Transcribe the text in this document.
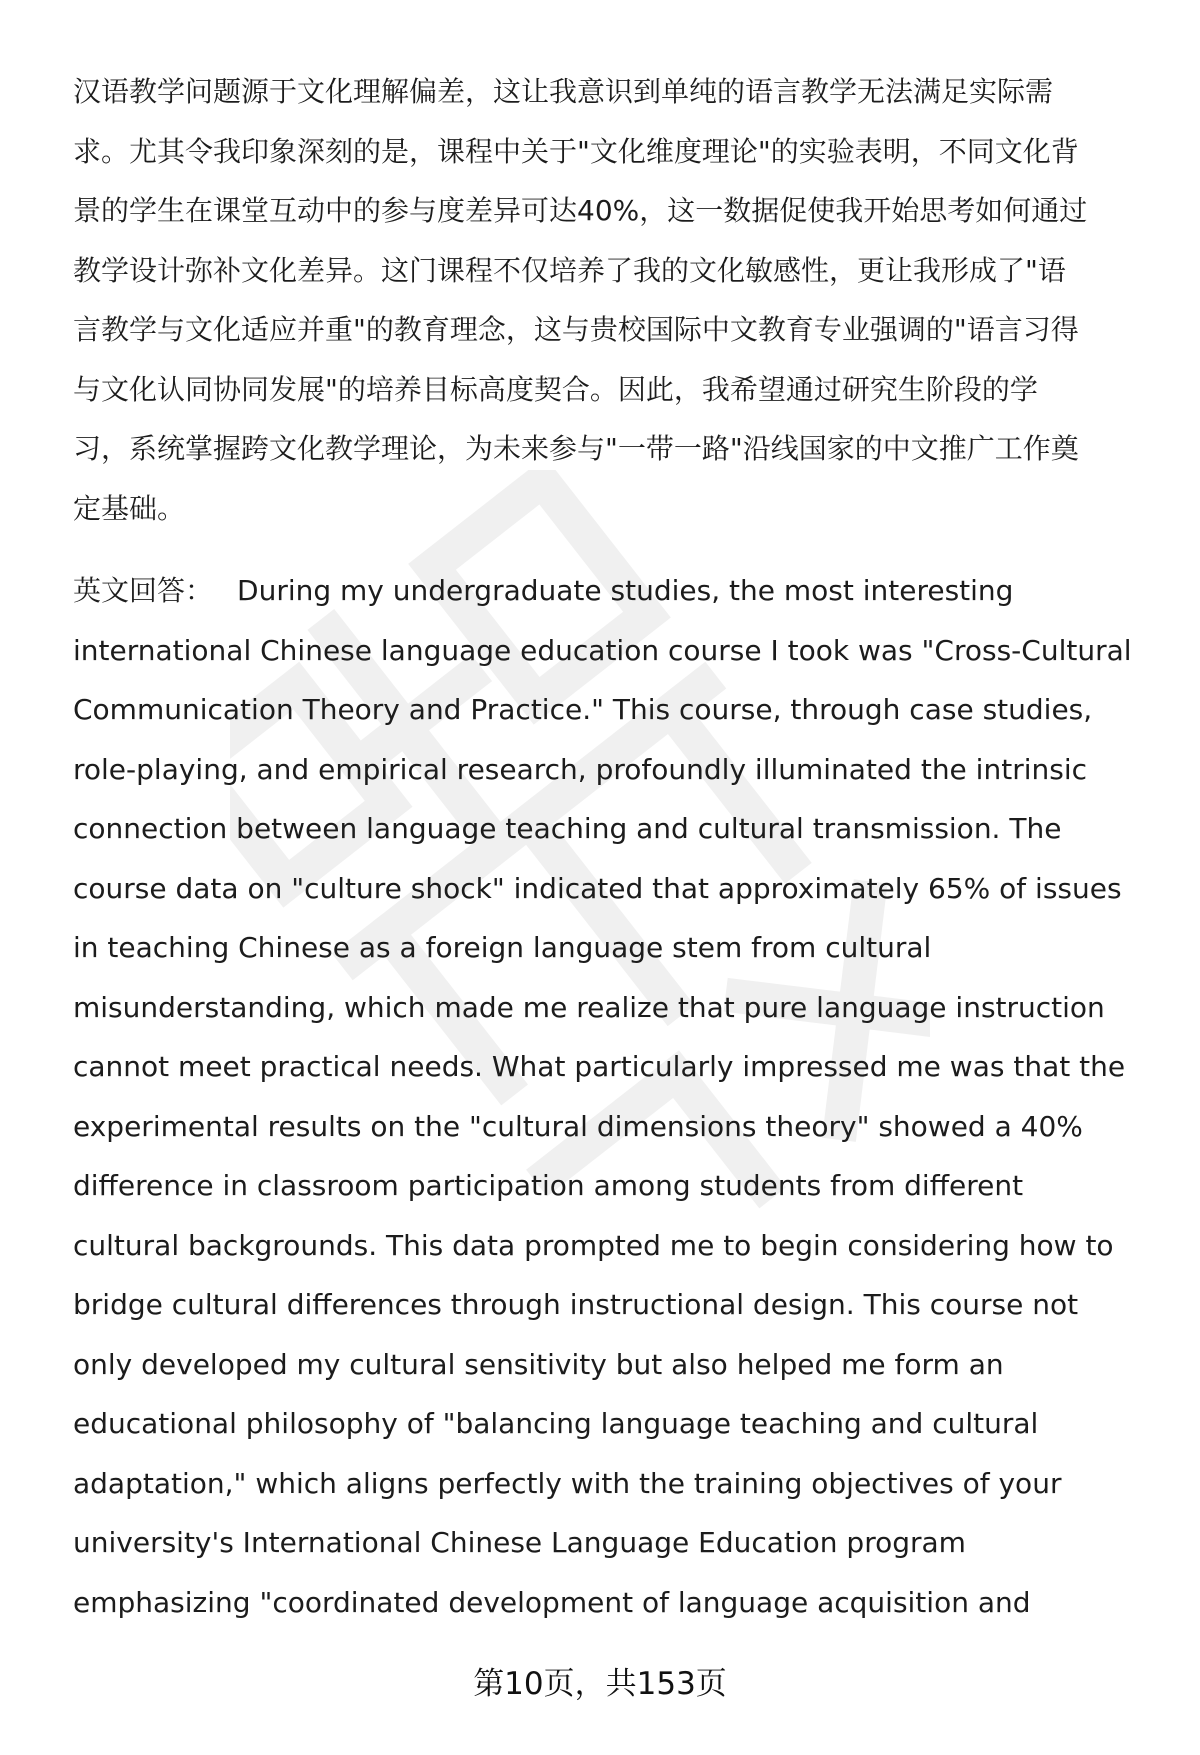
汉语教学问题源于文化理解偏差，这让我意识到单纯的语言教学无法满足实际需
求。尤其令我印象深刻的是，课程中关于"文化维度理论"的实验表明，不同文化背
景的学生在课堂互动中的参与度差异可达40%，这一数据促使我开始思考如何通过
教学设计弥补文化差异。这门课程不仅培养了我的文化敏感性，更让我形成了"语
言教学与文化适应并重"的教育理念，这与贵校国际中文教育专业强调的"语言习得
与文化认同协同发展"的培养目标高度契合。因此，我希望通过研究生阶段的学
习，系统掌握跨文化教学理论，为未来参与"一带一路"沿线国家的中文推广工作奠
定基础。

英文回答： During my undergraduate studies, the most interesting
international Chinese language education course I took was "Cross-Cultural
Communication Theory and Practice." This course, through case studies,
role-playing, and empirical research, profoundly illuminated the intrinsic
connection between language teaching and cultural transmission. The
course data on "culture shock" indicated that approximately 65% of issues
in teaching Chinese as a foreign language stem from cultural
misunderstanding, which made me realize that pure language instruction
cannot meet practical needs. What particularly impressed me was that the
experimental results on the "cultural dimensions theory" showed a 40%
difference in classroom participation among students from different
cultural backgrounds. This data prompted me to begin considering how to
bridge cultural differences through instructional design. This course not
only developed my cultural sensitivity but also helped me form an
educational philosophy of "balancing language teaching and cultural
adaptation," which aligns perfectly with the training objectives of your
university's International Chinese Language Education program
emphasizing "coordinated development of language acquisition and

第10页，共153页
